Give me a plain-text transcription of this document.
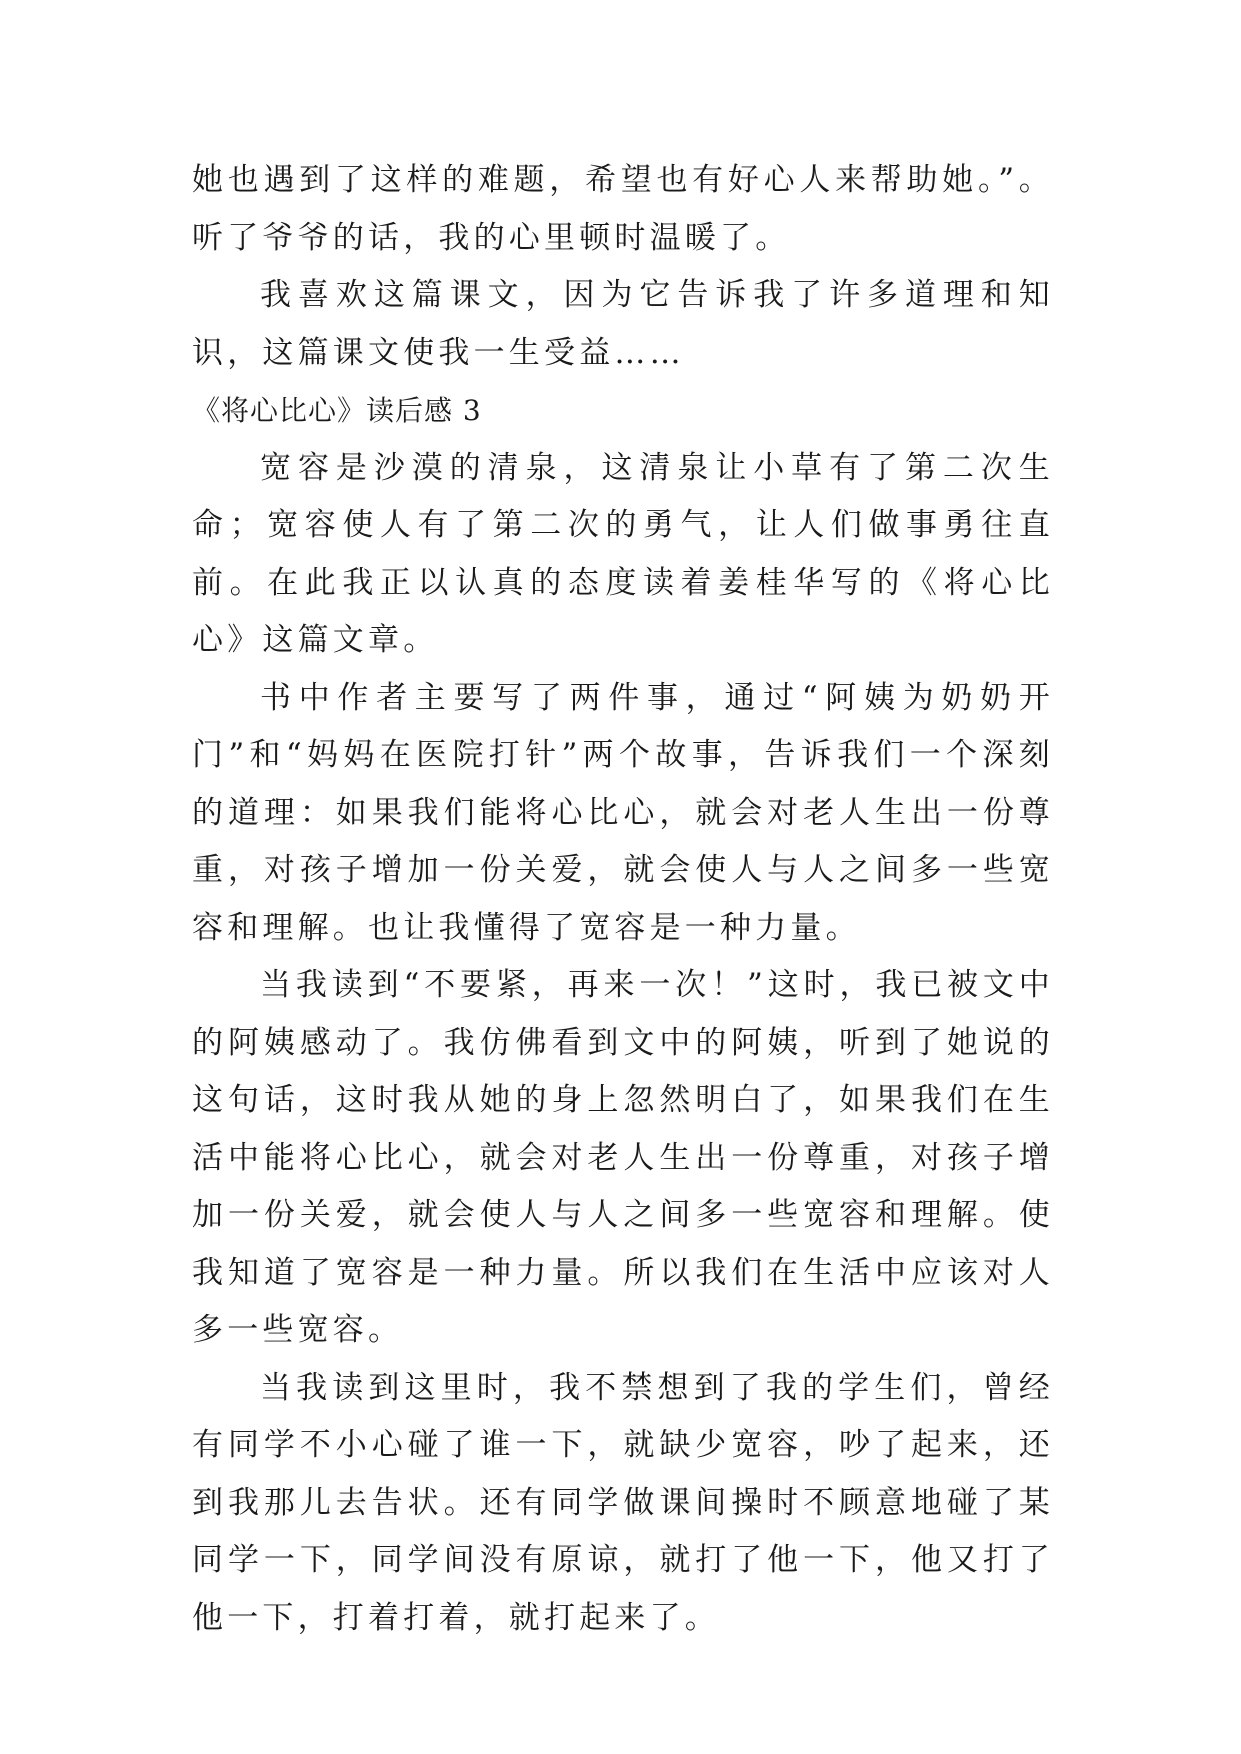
她也遇到了这样的难题，希望也有好心人来帮助她。”。听了爷爷的话，我的心里顿时温暖了。

我喜欢这篇课文，因为它告诉我了许多道理和知识，这篇课文使我一生受益……

《将心比心》读后感 3

宽容是沙漠的清泉，这清泉让小草有了第二次生命；宽容使人有了第二次的勇气，让人们做事勇往直前。在此我正以认真的态度读着姜桂华写的《将心比心》这篇文章。

书中作者主要写了两件事，通过“阿姨为奶奶开门”和“妈妈在医院打针”两个故事，告诉我们一个深刻的道理：如果我们能将心比心，就会对老人生出一份尊重，对孩子增加一份关爱，就会使人与人之间多一些宽容和理解。也让我懂得了宽容是一种力量。

当我读到“不要紧，再来一次！”这时，我已被文中的阿姨感动了。我仿佛看到文中的阿姨，听到了她说的这句话，这时我从她的身上忽然明白了，如果我们在生活中能将心比心，就会对老人生出一份尊重，对孩子增加一份关爱，就会使人与人之间多一些宽容和理解。使我知道了宽容是一种力量。所以我们在生活中应该对人多一些宽容。

当我读到这里时，我不禁想到了我的学生们，曾经有同学不小心碰了谁一下，就缺少宽容，吵了起来，还到我那儿去告状。还有同学做课间操时不顾意地碰了某同学一下，同学间没有原谅，就打了他一下，他又打了他一下，打着打着，就打起来了。
